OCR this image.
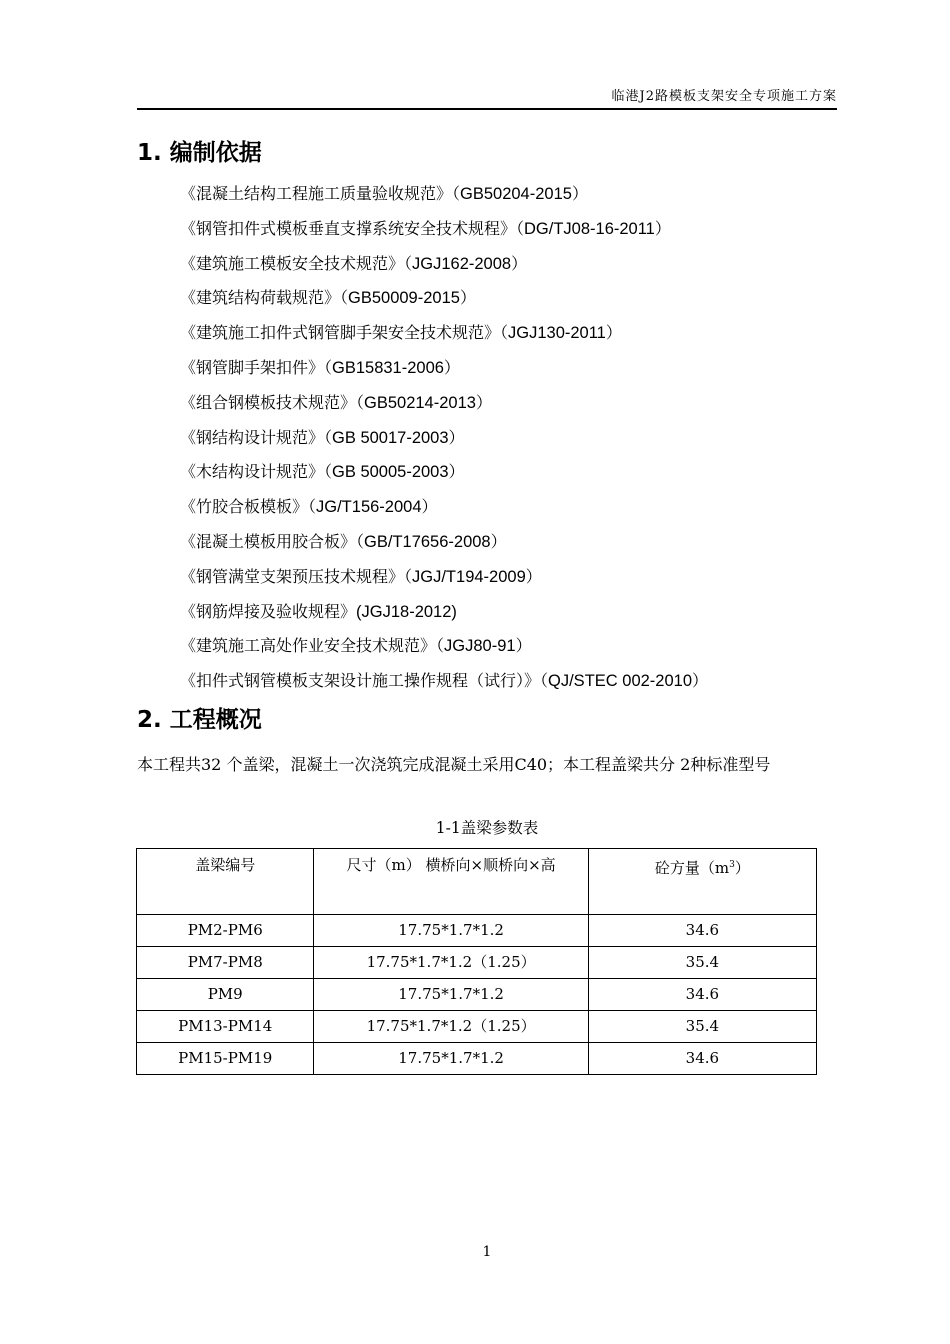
临港J2路模板支架安全专项施工方案
1. 编制依据
《混凝土结构工程施工质量验收规范》（GB50204-2015）
《钢管扣件式模板垂直支撑系统安全技术规程》（DG/TJ08-16-2011）
《建筑施工模板安全技术规范》（JGJ162-2008）
《建筑结构荷载规范》（GB50009-2015）
《建筑施工扣件式钢管脚手架安全技术规范》（JGJ130-2011）
《钢管脚手架扣件》（GB15831-2006）
《组合钢模板技术规范》（GB50214-2013）
《钢结构设计规范》（GB 50017-2003）
《木结构设计规范》（GB 50005-2003）
《竹胶合板模板》（JG/T156-2004）
《混凝土模板用胶合板》（GB/T17656-2008）
《钢管满堂支架预压技术规程》（JGJ/T194-2009）
《钢筋焊接及验收规程》(JGJ18-2012)
《建筑施工高处作业安全技术规范》（JGJ80-91）
《扣件式钢管模板支架设计施工操作规程（试行）》（QJ/STEC 002-2010）
2. 工程概况

本工程共32 个盖梁，混凝土一次浇筑完成混凝土采用C40；本工程盖梁共分 2种标准型号

1-1盖梁参数表
盖梁编号	尺寸（m） 横桥向×顺桥向×高	砼方量$(m^3)$
PM2-PM6	17.75*1.7*1.2	34.6
PM7-PM8	17.75*1.7*1.2（1.25）	35.4
PM9	17.75*1.7*1.2	34.6
PM13-PM14	17.75*1.7*1.2（1.25）	35.4
PM15-PM19	17.75*1.7*1.2	34.6
1
